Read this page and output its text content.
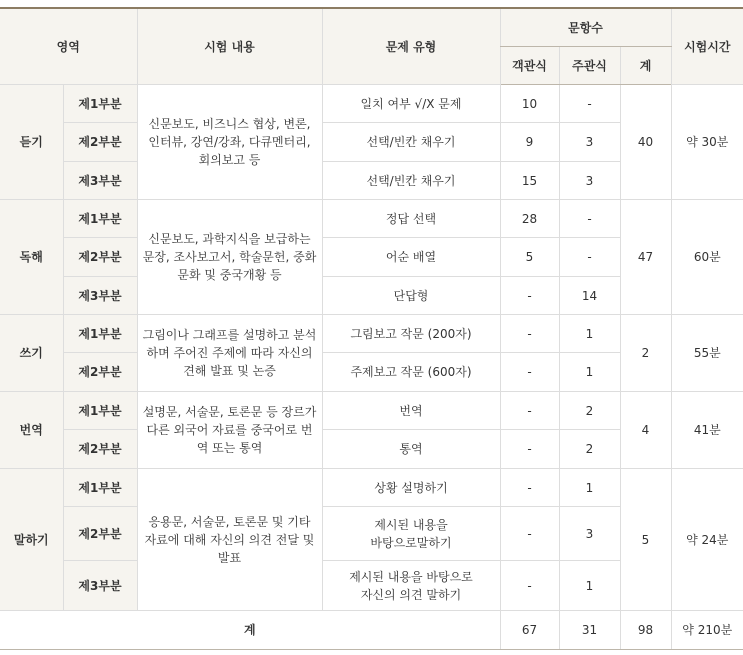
영역		시험 내용	문제 유형	문항수			시험시간
				객관식	주관식	계	
듣기	제1부분	신문보도, 비즈니스 협상, 변론, 인터뷰, 강연/강좌, 다큐멘터리, 회의보고 등	일치 여부 √/X 문제	10	-	40	약 30분
	제2부분		선택/빈칸 채우기	9	3		
	제3부분		선택/빈칸 채우기	15	3		
독해	제1부분	신문보도, 과학지식을 보급하는 문장, 조사보고서, 학술문헌, 중화문화 및 중국개황 등	정답 선택	28	-	47	60분
	제2부분		어순 배열	5	-		
	제3부분		단답형	-	14		
쓰기	제1부분	그림이나 그래프를 설명하고 분석하며 주어진 주제에 따라 자신의 견해 발표 및 논증	그림보고 작문 (200자)	-	1	2	55분
	제2부분		주제보고 작문 (600자)	-	1		
번역	제1부분	설명문, 서술문, 토론문 등 장르가 다른 외국어 자료를 중국어로 번역 또는 통역	번역	-	2	4	41분
	제2부분		통역	-	2		
말하기	제1부분	응용문, 서술문, 토론문 및 기타 자료에 대해 자신의 의견 전달 및 발표	상황 설명하기	-	1	5	약 24분
	제2부분		제시된 내용을 바탕으로말하기	-	3		
	제3부분		제시된 내용을 바탕으로 자신의 의견 말하기	-	1		
계				67	31	98	약 210분
